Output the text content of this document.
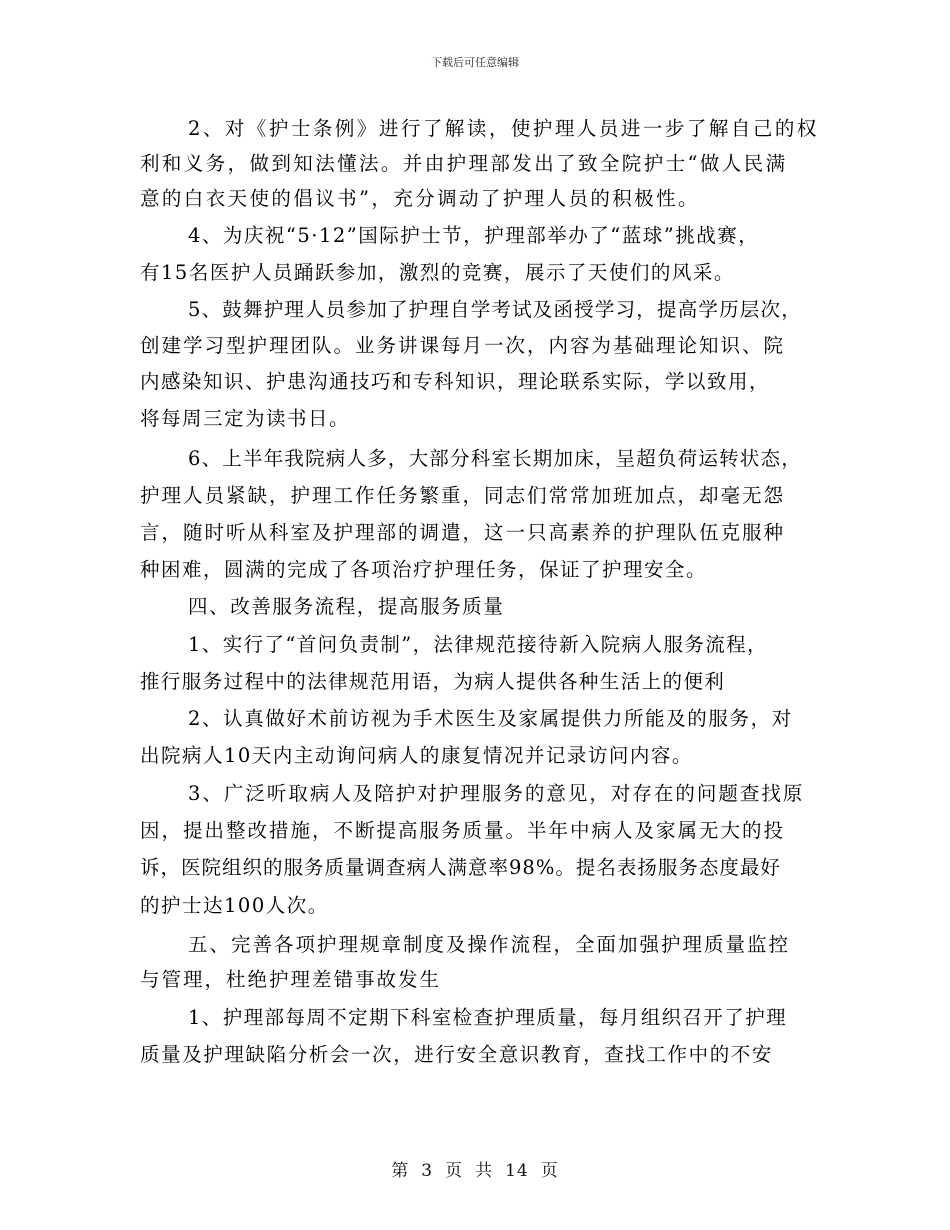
下载后可任意编辑
2、对《护士条例》进行了解读，使护理人员进一步了解自己的权
利和义务，做到知法懂法。并由护理部发出了致全院护士“做人民满
意的白衣天使的倡议书”，充分调动了护理人员的积极性。
4、为庆祝“5·12”国际护士节，护理部举办了“蓝球”挑战赛，
有15名医护人员踊跃参加，激烈的竞赛，展示了天使们的风采。
5、鼓舞护理人员参加了护理自学考试及函授学习，提高学历层次，
创建学习型护理团队。业务讲课每月一次，内容为基础理论知识、院
内感染知识、护患沟通技巧和专科知识，理论联系实际，学以致用，
将每周三定为读书日。
6、上半年我院病人多，大部分科室长期加床，呈超负荷运转状态，
护理人员紧缺，护理工作任务繁重，同志们常常加班加点，却毫无怨
言，随时听从科室及护理部的调遣，这一只高素养的护理队伍克服种
种困难，圆满的完成了各项治疗护理任务，保证了护理安全。
四、改善服务流程，提高服务质量
1、实行了“首问负责制”，法律规范接待新入院病人服务流程，
推行服务过程中的法律规范用语，为病人提供各种生活上的便利
2、认真做好术前访视为手术医生及家属提供力所能及的服务，对
出院病人10天内主动询问病人的康复情况并记录访问内容。
3、广泛听取病人及陪护对护理服务的意见，对存在的问题查找原
因，提出整改措施，不断提高服务质量。半年中病人及家属无大的投
诉，医院组织的服务质量调查病人满意率98%。提名表扬服务态度最好
的护士达100人次。
五、完善各项护理规章制度及操作流程，全面加强护理质量监控
与管理，杜绝护理差错事故发生
1、护理部每周不定期下科室检查护理质量，每月组织召开了护理
质量及护理缺陷分析会一次，进行安全意识教育，查找工作中的不安
第 3 页 共 14 页
